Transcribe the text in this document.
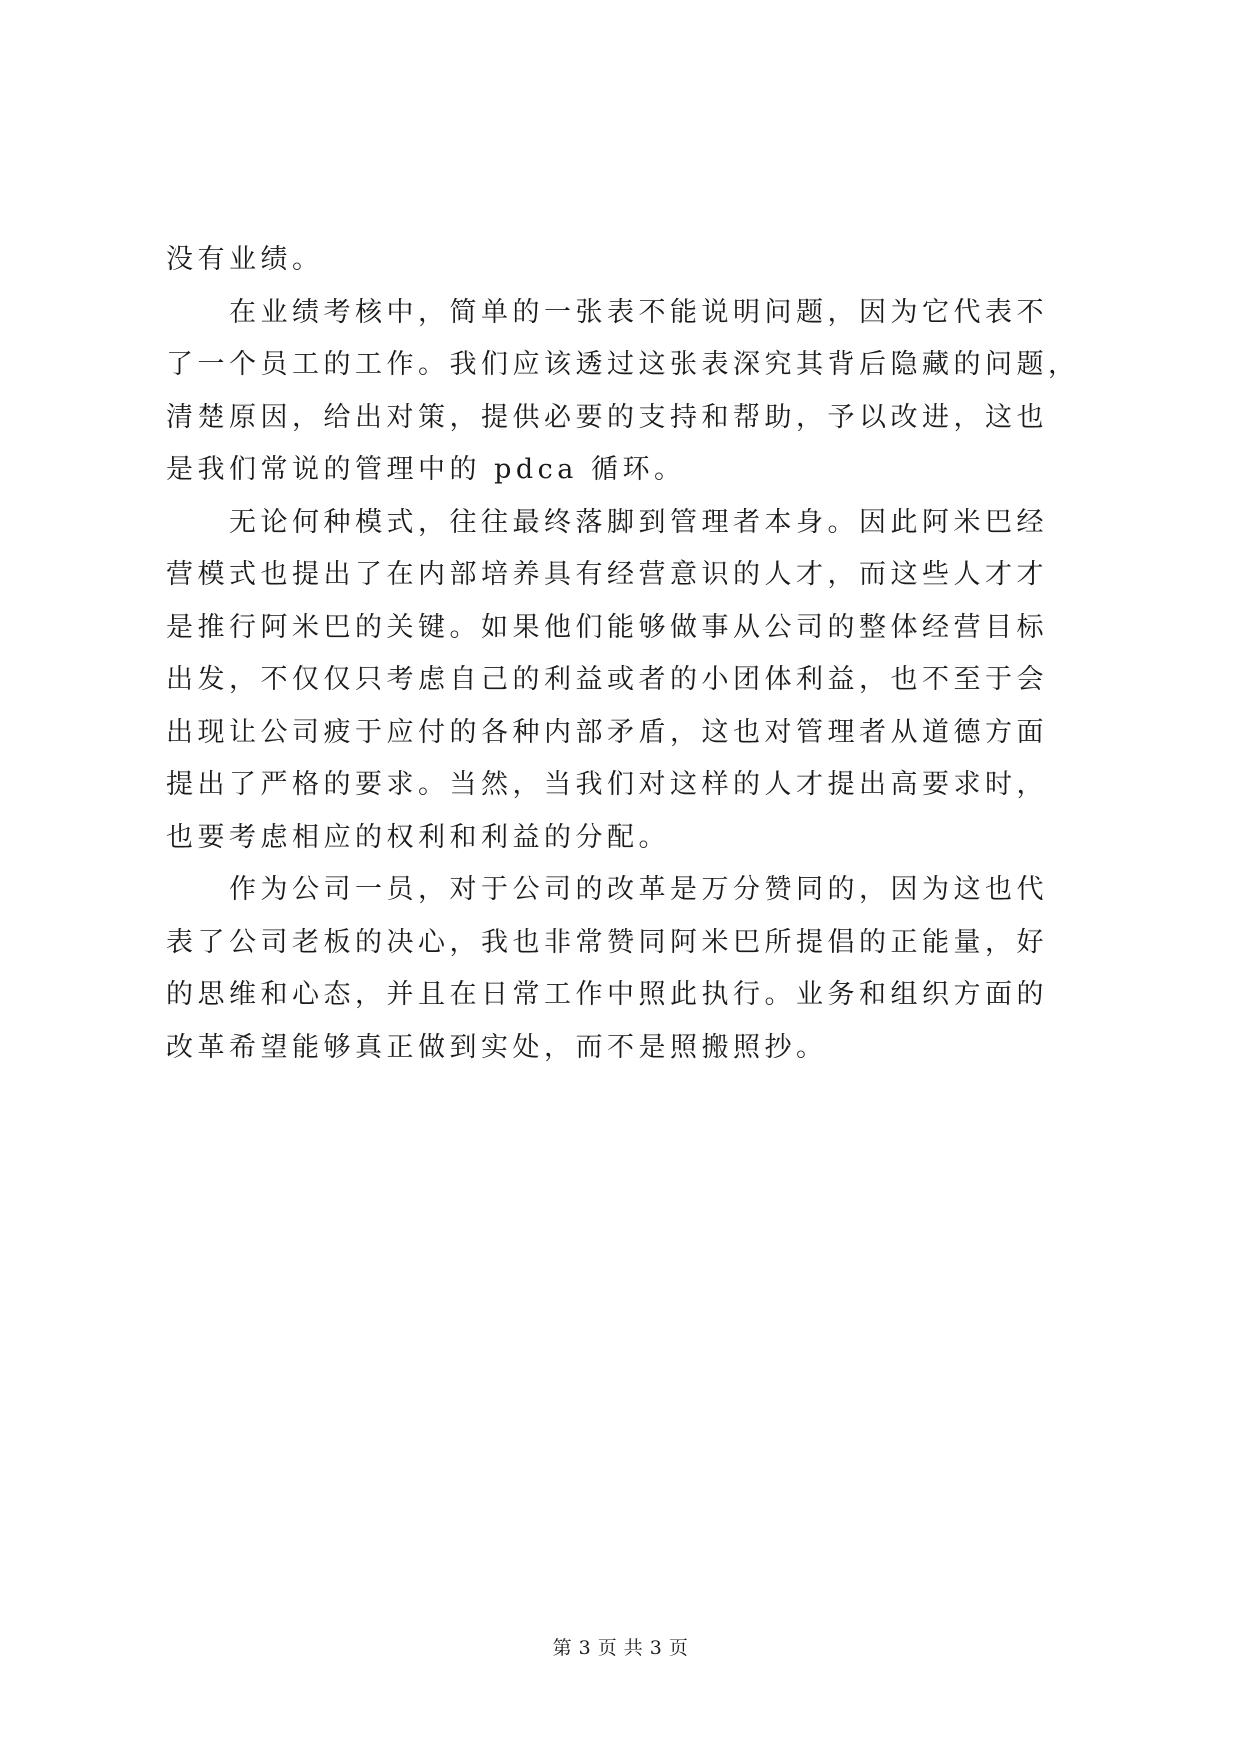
没有业绩。
　　在业绩考核中，简单的一张表不能说明问题，因为它代表不
了一个员工的工作。我们应该透过这张表深究其背后隐藏的问题，
清楚原因，给出对策，提供必要的支持和帮助，予以改进，这也
是我们常说的管理中的 pdca 循环。
　　无论何种模式，往往最终落脚到管理者本身。因此阿米巴经
营模式也提出了在内部培养具有经营意识的人才，而这些人才才
是推行阿米巴的关键。如果他们能够做事从公司的整体经营目标
出发，不仅仅只考虑自己的利益或者的小团体利益，也不至于会
出现让公司疲于应付的各种内部矛盾，这也对管理者从道德方面
提出了严格的要求。当然，当我们对这样的人才提出高要求时，
也要考虑相应的权利和利益的分配。
　　作为公司一员，对于公司的改革是万分赞同的，因为这也代
表了公司老板的决心，我也非常赞同阿米巴所提倡的正能量，好
的思维和心态，并且在日常工作中照此执行。业务和组织方面的
改革希望能够真正做到实处，而不是照搬照抄。
第 3 页 共 3 页
